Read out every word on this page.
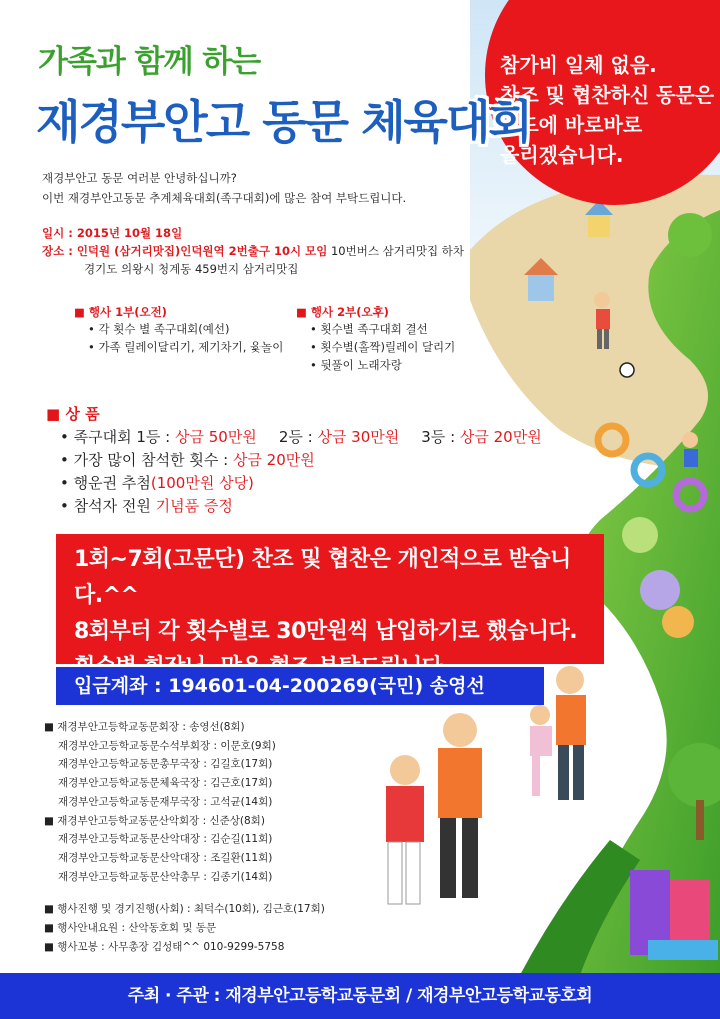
참가비 일체 없음.
찬조 및 협찬하신 동문은
벤드에 바로바로
올리겠습니다.
가족과 함께 하는
재경부안고 동문 체육대회
재경부안고 동문 여러분 안녕하십니까?
이번 재경부안고동문 추계체육대회(족구대회)에 많은 참여 부탁드립니다.
일시 : 2015년 10월 18일
장소 : 인덕원 (삼거리맛집)인덕원역 2번출구 10시 모임 10번버스 삼거리맛집 하차
경기도 의왕시 청계동 459번지 삼거리맛집
■ 행사 1부(오전)
• 각 횟수 별 족구대회(예선)
• 가족 릴레이달리기, 제기차기, 윷놀이
■ 행사 2부(오후)
• 횟수별 족구대회 결선
• 횟수별(홀짝)릴레이 달리기
• 뒷풀이 노래자랑
■ 상 품
• 족구대회 1등 : 상금 50만원 2등 : 상금 30만원 3등 : 상금 20만원
• 가장 많이 참석한 횟수 : 상금 20만원
• 행운권 추첨(100만원 상당)
• 참석자 전원 기념품 증정
1회~7회(고문단) 찬조 및 협찬은 개인적으로 받습니다.^^
8회부터 각 횟수별로 30만원씩 납입하기로 했습니다.
입금계좌 : 194601-04-200269(국민) 송영선
■ 재경부안고등학교동문회장 : 송영선(8회)
재경부안고등학교동문수석부회장 : 이문호(9회)
재경부안고등학교동문총무국장 : 김길호(17회)
재경부안고등학교동문체육국장 : 김근호(17회)
재경부안고등학교동문재무국장 : 고석균(14회)
■ 재경부안고등학교동문산악회장 : 신준상(8회)
재경부안고등학교동문산악대장 : 김순길(11회)
재경부안고등학교동문산악대장 : 조길환(11회)
재경부안고등학교동문산악총무 : 김종기(14회)
■ 행사진행 및 경기진행(사회) : 최덕수(10회), 김근호(17회)
■ 행사안내요원 : 산악동호회 및 동문
■ 행사꼬봉 : 사무총장 김성태^^ 010-9299-5758
주최 · 주관 : 재경부안고등학교동문회 / 재경부안고등학교동호회
